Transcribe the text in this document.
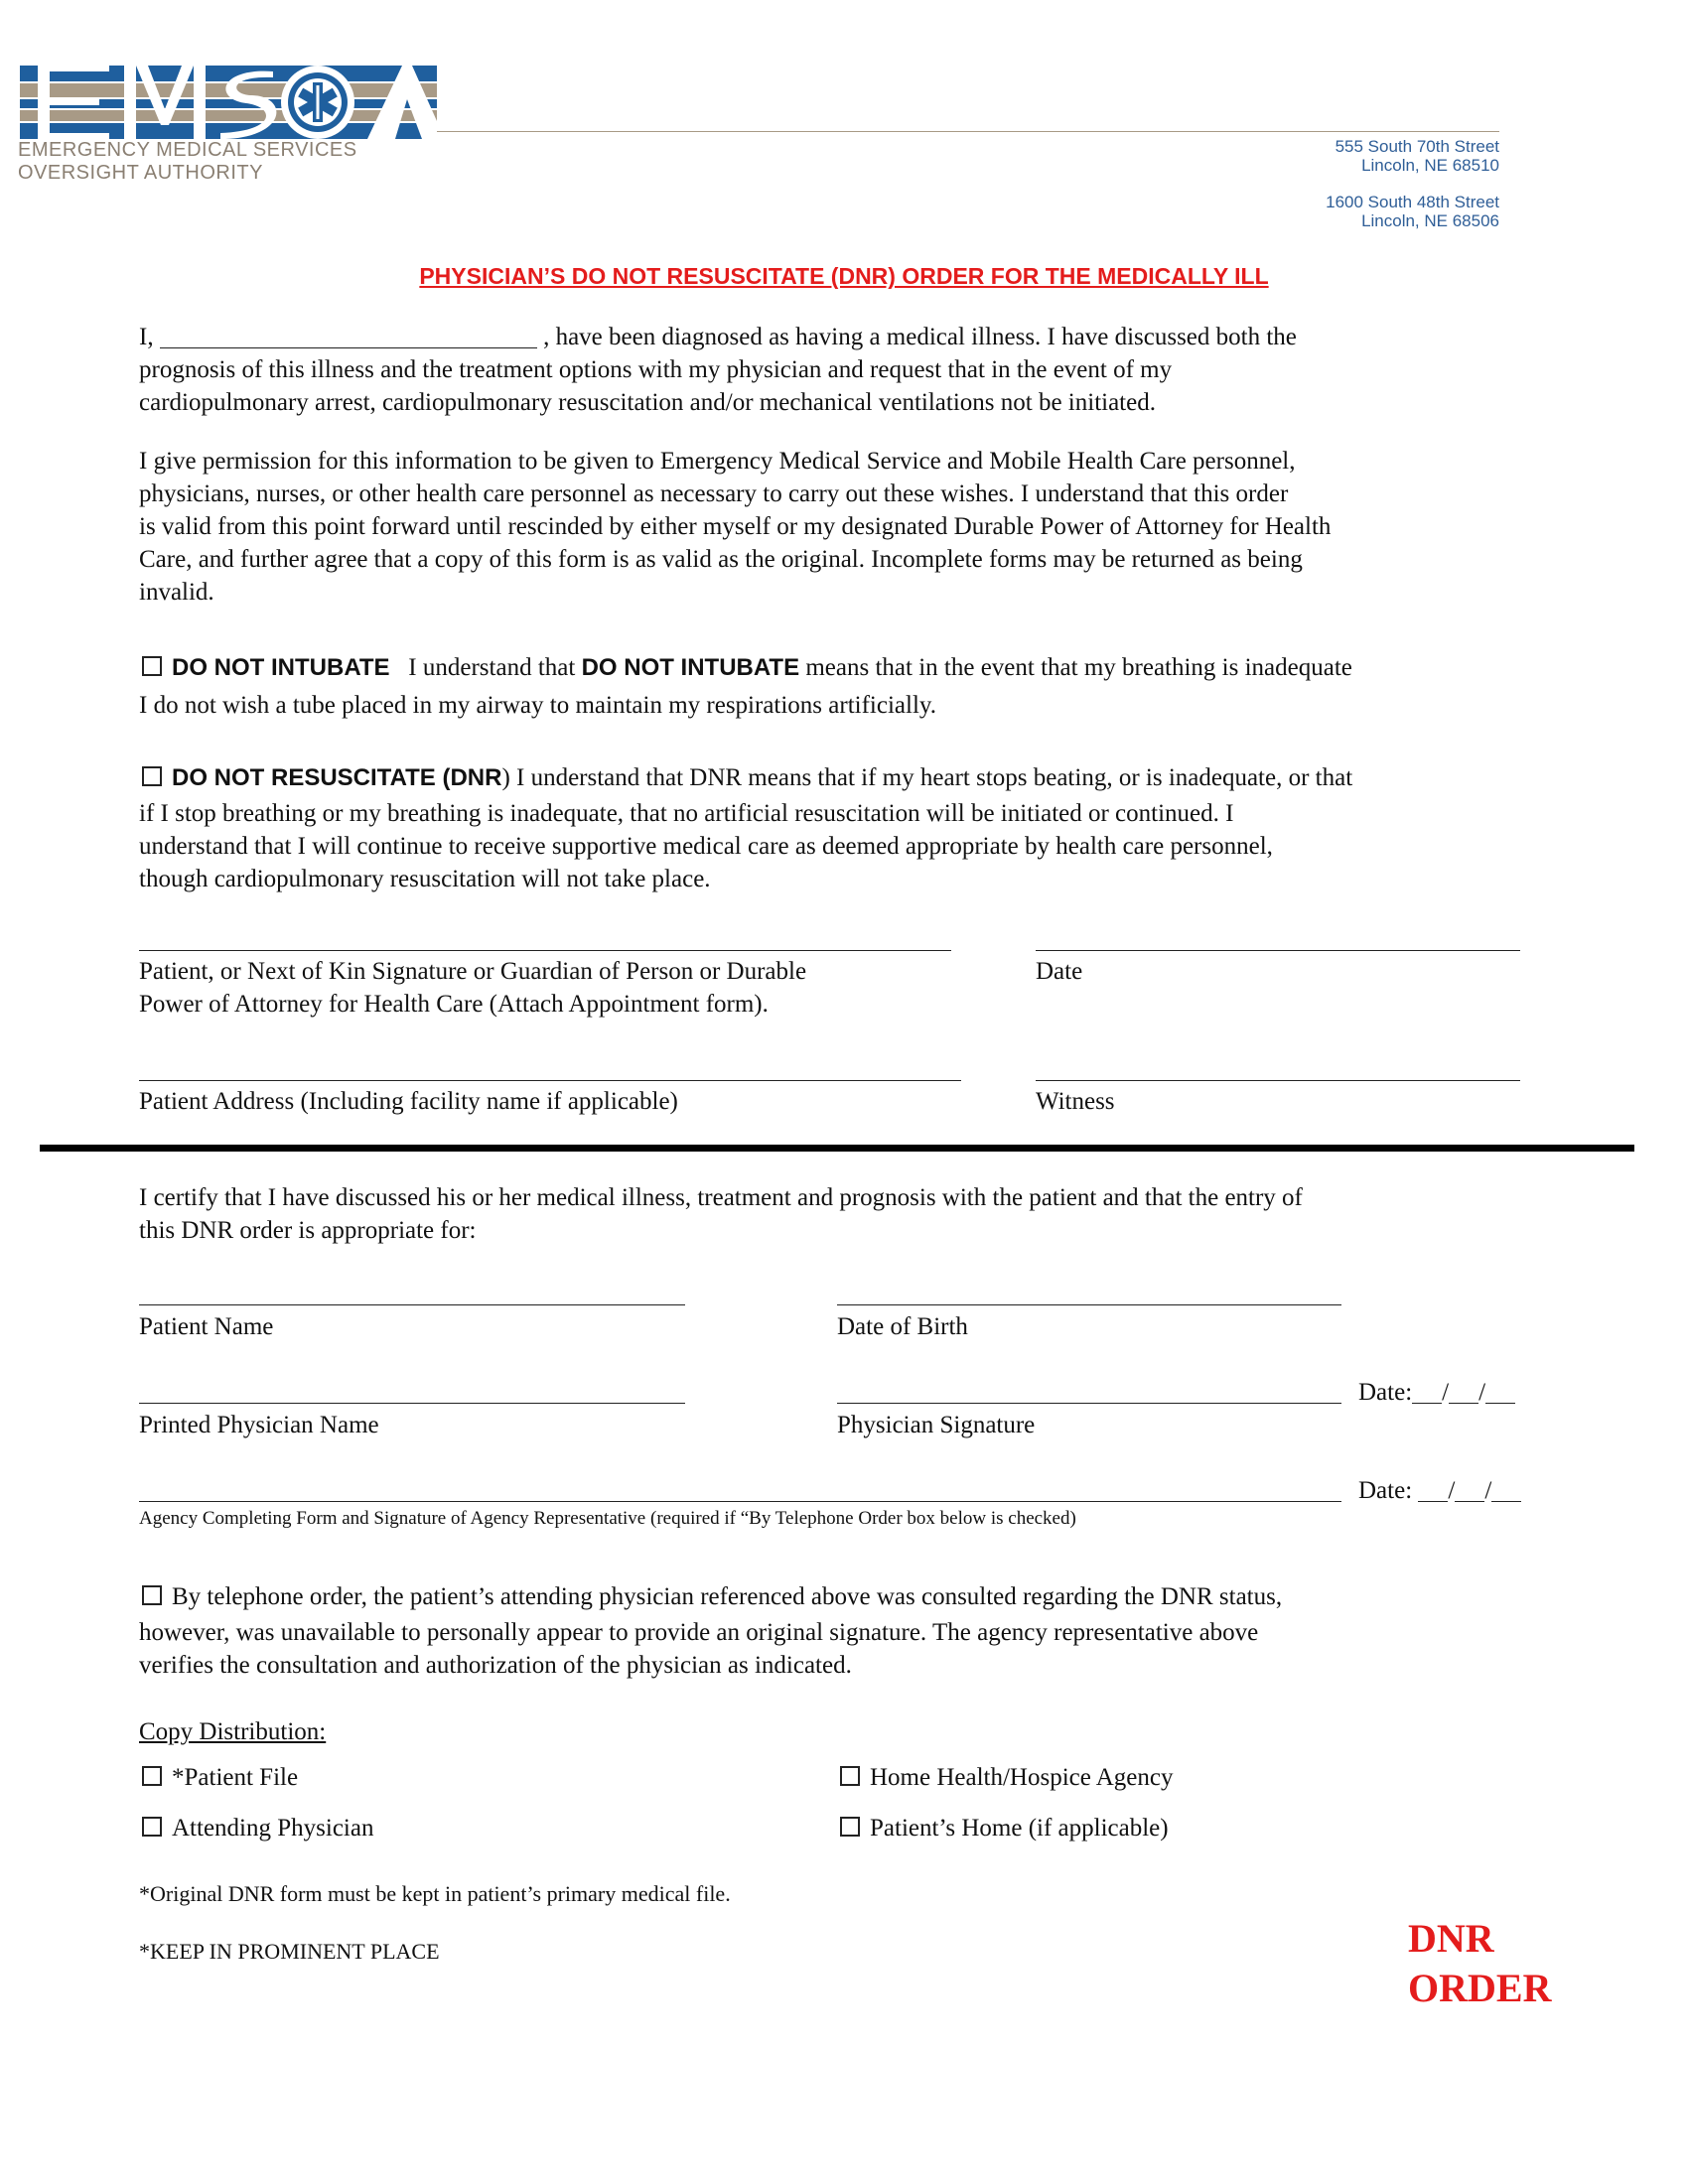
EMERGENCY MEDICAL SERVICES
OVERSIGHT AUTHORITY
555 South 70th Street
Lincoln, NE 68510
1600 South 48th Street
Lincoln, NE 68506
PHYSICIAN’S DO NOT RESUSCITATE (DNR) ORDER FOR THE MEDICALLY ILL
I,	, have been diagnosed as having a medical illness. I have discussed both the
prognosis of this illness and the treatment options with my physician and request that in the event of my
cardiopulmonary arrest, cardiopulmonary resuscitation and/or mechanical ventilations not be initiated.
I give permission for this information to be given to Emergency Medical Service and Mobile Health Care personnel,
physicians, nurses, or other health care personnel as necessary to carry out these wishes. I understand that this order
is valid from this point forward until rescinded by either myself or my designated Durable Power of Attorney for Health
Care, and further agree that a copy of this form is as valid as the original. Incomplete forms may be returned as being
invalid.
DO NOT INTUBATE I understand that DO NOT INTUBATE means that in the event that my breathing is inadequate
I do not wish a tube placed in my airway to maintain my respirations artificially.
DO NOT RESUSCITATE (DNR) I understand that DNR means that if my heart stops beating, or is inadequate, or that
if I stop breathing or my breathing is inadequate, that no artificial resuscitation will be initiated or continued. I
understand that I will continue to receive supportive medical care as deemed appropriate by health care personnel,
though cardiopulmonary resuscitation will not take place.
Patient, or Next of Kin Signature or Guardian of Person or Durable
Power of Attorney for Health Care (Attach Appointment form).
Date
Patient Address (Including facility name if applicable)	Witness
I certify that I have discussed his or her medical illness, treatment and prognosis with the patient and that the entry of
this DNR order is appropriate for:
Patient Name	Date of Birth
Date: / /
Printed Physician Name	Physician Signature
Date: / /
Agency Completing Form and Signature of Agency Representative (required if “By Telephone Order box below is checked)
By telephone order, the patient’s attending physician referenced above was consulted regarding the DNR status,
however, was unavailable to personally appear to provide an original signature. The agency representative above
verifies the consultation and authorization of the physician as indicated.
Copy Distribution:
*Patient File	Home Health/Hospice Agency
Attending Physician	Patient’s Home (if applicable)
*Original DNR form must be kept in patient’s primary medical file.
*KEEP IN PROMINENT PLACE	DNR
ORDER
